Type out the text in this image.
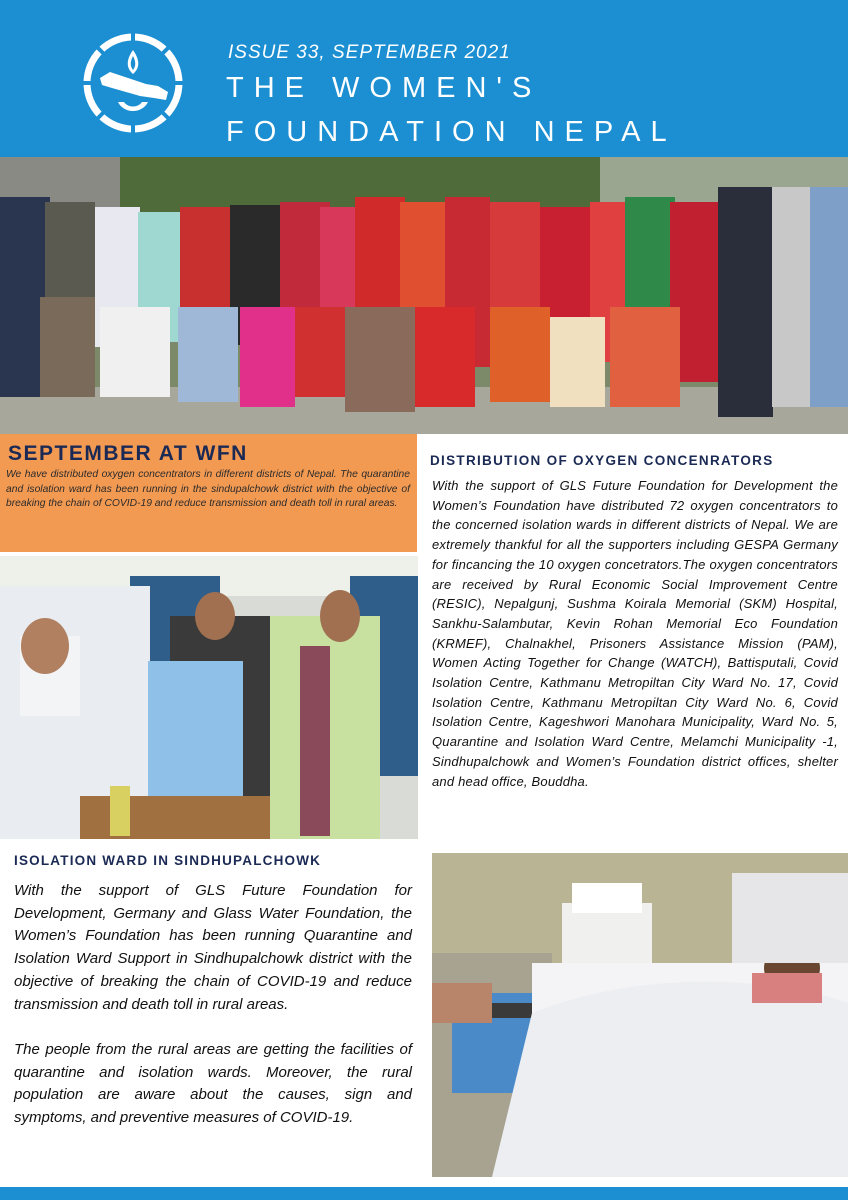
ISSUE 33, SEPTEMBER 2021
THE WOMEN'S
FOUNDATION NEPAL
SEPTEMBER AT WFN
We have distributed oxygen concentrators in different districts of Nepal. The quarantine and isolation ward has been running in the sindupalchowk district with the objective of breaking the chain of COVID-19 and reduce transmission and death toll in rural areas.
DISTRIBUTION OF OXYGEN CONCENRATORS
With the support of GLS Future Foundation for Development the Women’s Foundation have distributed 72 oxygen concentrators to the concerned isolation wards in different districts of Nepal. We are extremely thankful for all the supporters including GESPA Germany for fincancing the 10 oxygen concetrators.The oxygen concentrators are received by Rural Economic Social Improvement Centre (RESIC), Nepalgunj, Sushma Koirala Memorial (SKM) Hospital, Sankhu-Salambutar, Kevin Rohan Memorial Eco Foundation (KRMEF), Chalnakhel, Prisoners Assistance Mission (PAM), Women Acting Together for Change (WATCH), Battisputali, Covid Isolation Centre, Kathmanu Metropiltan City Ward No. 17, Covid Isolation Centre, Kathmanu Metropiltan City Ward No. 6, Covid Isolation Centre, Kageshwori Manohara Municipality, Ward No. 5, Quarantine and Isolation Ward Centre, Melamchi Municipality -1, Sindhupalchowk and Women’s Foundation district offices, shelter and head office, Bouddha.
ISOLATION WARD IN SINDHUPALCHOWK

With the support of GLS Future Foundation for Development, Germany and Glass Water Foundation, the Women’s Foundation has been running Quarantine and Isolation Ward Support in Sindhupalchowk district with the objective of breaking the chain of COVID-19 and reduce transmission and death toll in rural areas.

The people from the rural areas are getting the facilities of quarantine and isolation wards. Moreover, the rural population are aware about the causes, sign and symptoms, and preventive measures of COVID-19.
